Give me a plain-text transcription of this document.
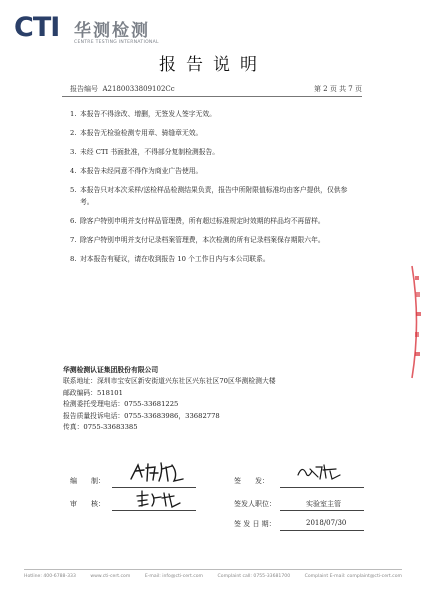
CTI 华测检测
CENTRE TESTING INTERNATIONAL
报告说明
报告编号 A2180033809102Cc	第 2 页 共 7 页
1. 本报告不得涂改、增删，无签发人签字无效。
2. 本报告无检验检测专用章、骑缝章无效。
3. 未经 CTI 书面批准，不得部分复制检测报告。
4. 本报告未经同意不得作为商业广告使用。
5. 本报告只对本次采样/送检样品检测结果负责，报告中所附限值标准均由客户提供，仅供参考。
6. 除客户特别申明并支付样品管理费，所有超过标准规定时效期的样品均不再留样。
7. 除客户特别申明并支付记录档案管理费，本次检测的所有记录档案保存期限六年。
8. 对本报告有疑议，请在收到报告 10 个工作日内与本公司联系。
华测检测认证集团股份有限公司
联系地址：深圳市宝安区新安街道兴东社区兴东社区70区华测检测大楼
邮政编码：518101
检测委托受理电话：0755-33681225
报告质量投诉电话：0755-33683986，33682778
传真：0755-33683385
编　　制：
审　　核：
签　　发：
签发人职位：	实验室主管
签 发 日 期：	2018/07/30
Hotline: 400-6788-333	www.cti-cert.com	E-mail: info@cti-cert.com	Complaint call: 0755-33681700	Complaint E-mail: complaint@cti-cert.com
